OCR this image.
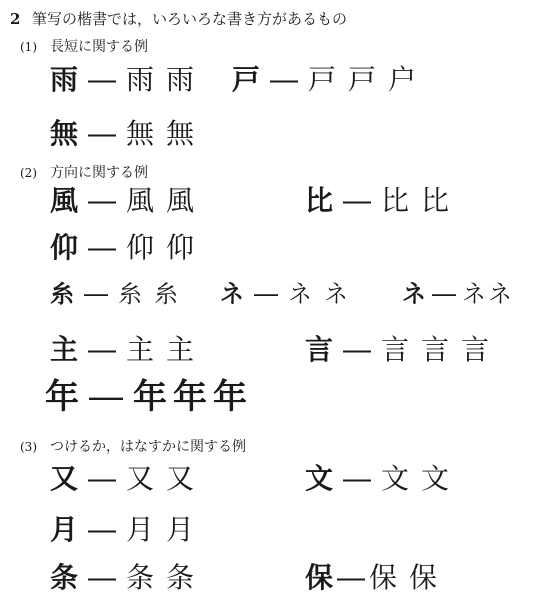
2 筆写の楷書では，いろいろな書き方があるもの
(1) 長短に関する例
雨 ― 雨 雨	戸 ― 戸 戸 户
無 ― 無 無
(2) 方向に関する例
風 ― 風 風	比 ― 比 比
仰 ― 仰 仰
糸 ― 糸 糸	ネ ― ネ ネ	ネ ― ネネ
主 ― 主 主	言 ― 言 言 言
年 ― 年 年 年
(3) つけるか，はなすかに関する例
又 ― 又 又	文 ― 文 文
月 ― 月 月
条 ― 条 条	保 ― 保 保
